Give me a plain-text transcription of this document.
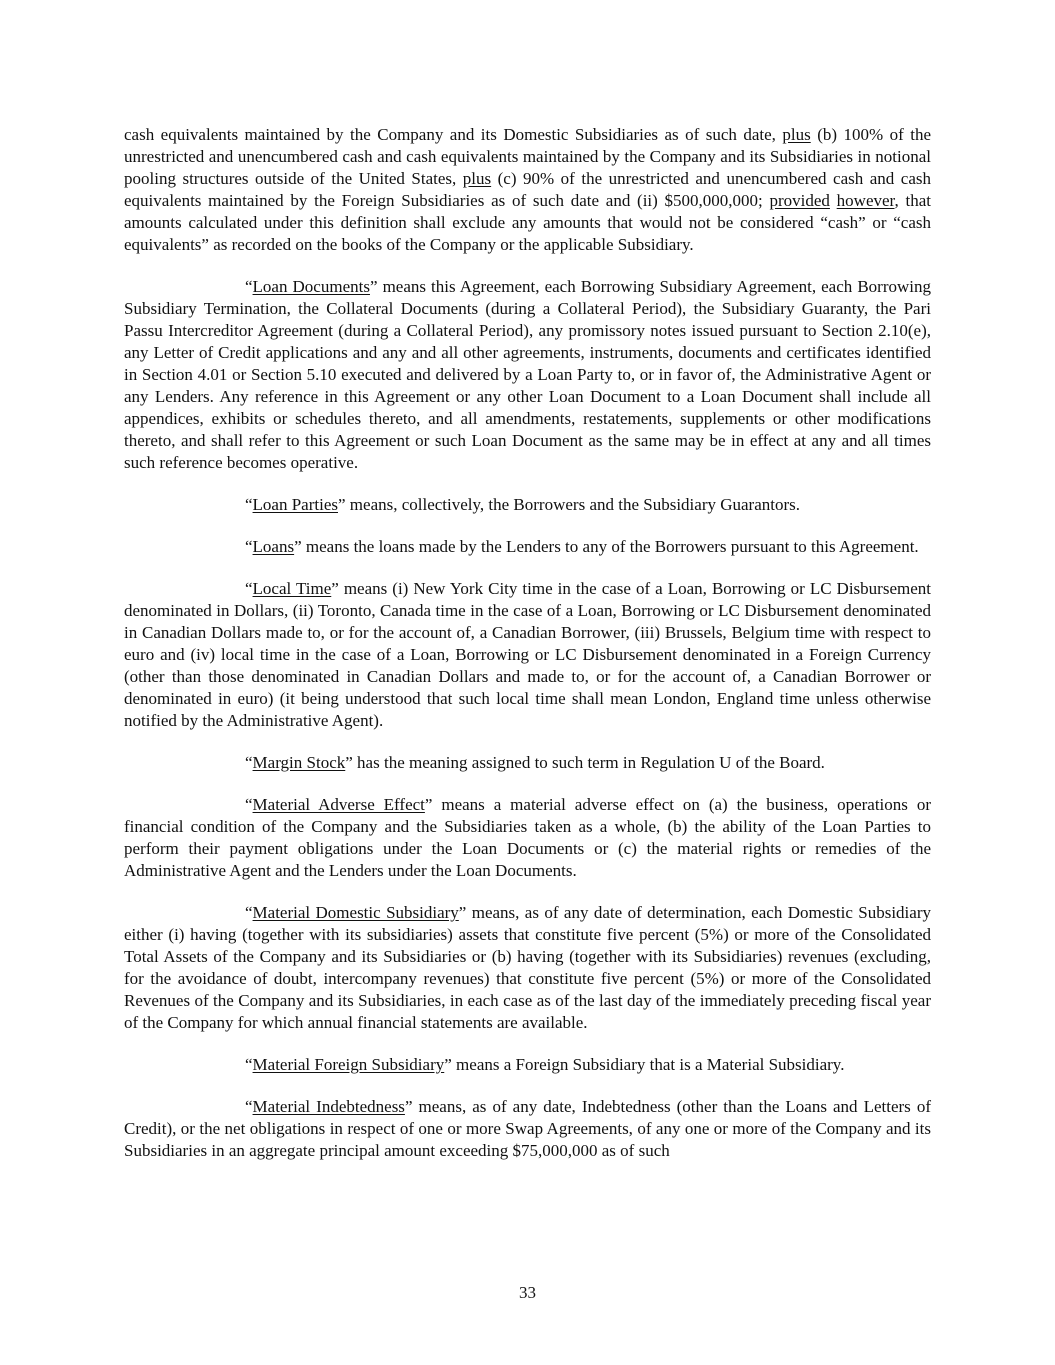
cash equivalents maintained by the Company and its Domestic Subsidiaries as of such date, plus (b) 100% of the unrestricted and unencumbered cash and cash equivalents maintained by the Company and its Subsidiaries in notional pooling structures outside of the United States, plus (c) 90% of the unrestricted and unencumbered cash and cash equivalents maintained by the Foreign Subsidiaries as of such date and (ii) $500,000,000; provided however, that amounts calculated under this definition shall exclude any amounts that would not be considered “cash” or “cash equivalents” as recorded on the books of the Company or the applicable Subsidiary.

“Loan Documents” means this Agreement, each Borrowing Subsidiary Agreement, each Borrowing Subsidiary Termination, the Collateral Documents (during a Collateral Period), the Subsidiary Guaranty, the Pari Passu Intercreditor Agreement (during a Collateral Period), any promissory notes issued pursuant to Section 2.10(e), any Letter of Credit applications and any and all other agreements, instruments, documents and certificates identified in Section 4.01 or Section 5.10 executed and delivered by a Loan Party to, or in favor of, the Administrative Agent or any Lenders. Any reference in this Agreement or any other Loan Document to a Loan Document shall include all appendices, exhibits or schedules thereto, and all amendments, restatements, supplements or other modifications thereto, and shall refer to this Agreement or such Loan Document as the same may be in effect at any and all times such reference becomes operative.

“Loan Parties” means, collectively, the Borrowers and the Subsidiary Guarantors.

“Loans” means the loans made by the Lenders to any of the Borrowers pursuant to this Agreement.

“Local Time” means (i) New York City time in the case of a Loan, Borrowing or LC Disbursement denominated in Dollars, (ii) Toronto, Canada time in the case of a Loan, Borrowing or LC Disbursement denominated in Canadian Dollars made to, or for the account of, a Canadian Borrower, (iii) Brussels, Belgium time with respect to euro and (iv) local time in the case of a Loan, Borrowing or LC Disbursement denominated in a Foreign Currency (other than those denominated in Canadian Dollars and made to, or for the account of, a Canadian Borrower or denominated in euro) (it being understood that such local time shall mean London, England time unless otherwise notified by the Administrative Agent).

“Margin Stock” has the meaning assigned to such term in Regulation U of the Board.

“Material Adverse Effect” means a material adverse effect on (a) the business, operations or financial condition of the Company and the Subsidiaries taken as a whole, (b) the ability of the Loan Parties to perform their payment obligations under the Loan Documents or (c) the material rights or remedies of the Administrative Agent and the Lenders under the Loan Documents.

“Material Domestic Subsidiary” means, as of any date of determination, each Domestic Subsidiary either (i) having (together with its subsidiaries) assets that constitute five percent (5%) or more of the Consolidated Total Assets of the Company and its Subsidiaries or (b) having (together with its Subsidiaries) revenues (excluding, for the avoidance of doubt, intercompany revenues) that constitute five percent (5%) or more of the Consolidated Revenues of the Company and its Subsidiaries, in each case as of the last day of the immediately preceding fiscal year of the Company for which annual financial statements are available.

“Material Foreign Subsidiary” means a Foreign Subsidiary that is a Material Subsidiary.

“Material Indebtedness” means, as of any date, Indebtedness (other than the Loans and Letters of Credit), or the net obligations in respect of one or more Swap Agreements, of any one or more of the Company and its Subsidiaries in an aggregate principal amount exceeding $75,000,000 as of such

33
